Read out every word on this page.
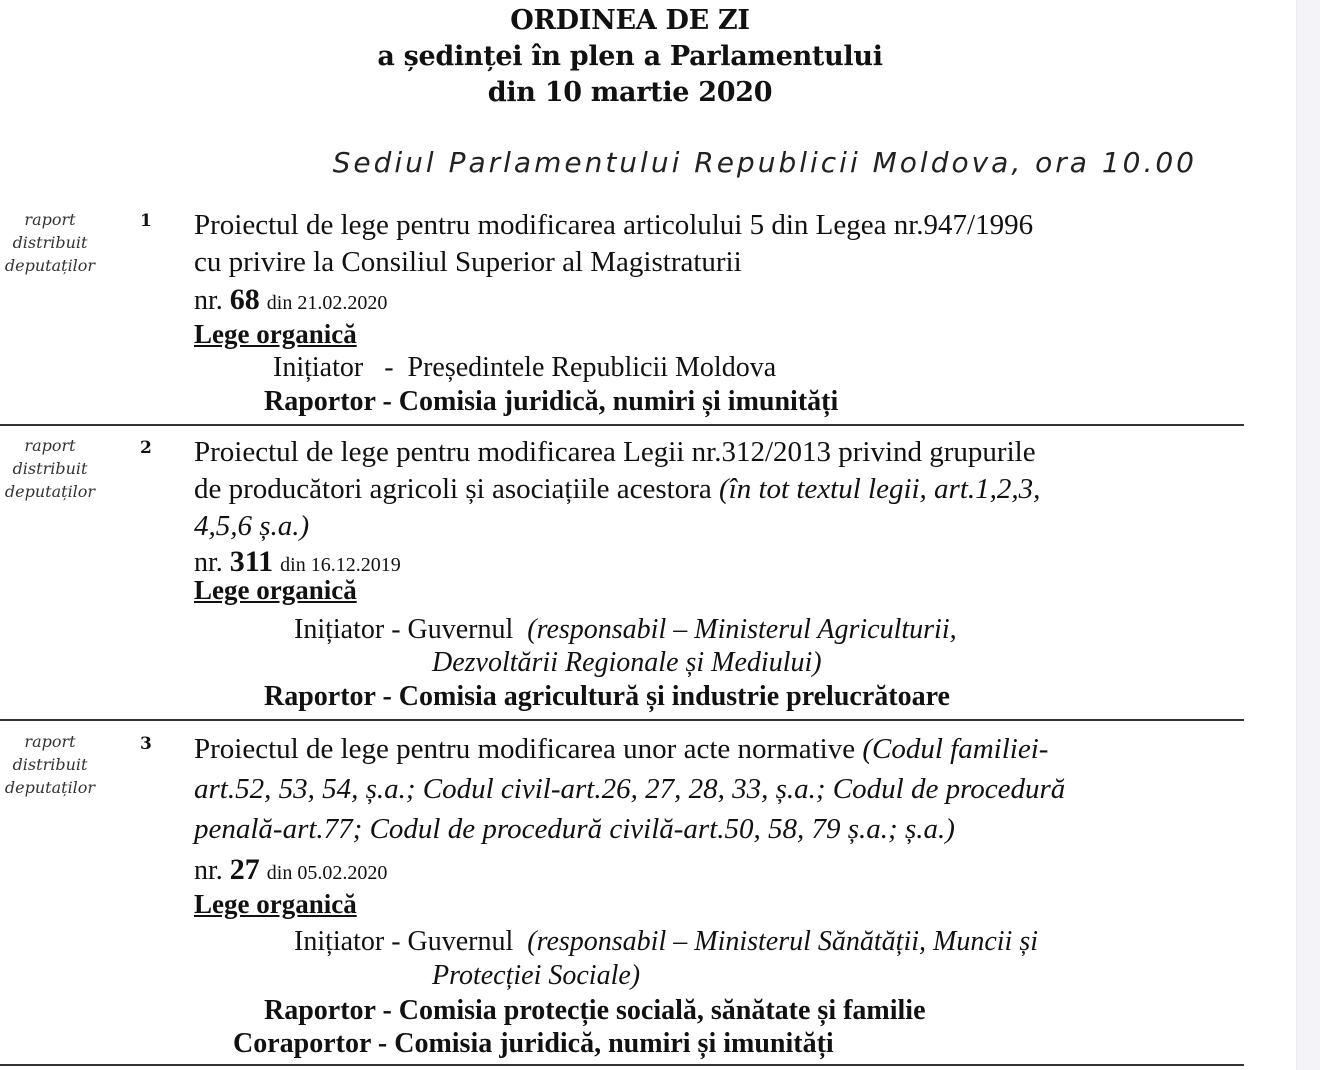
ORDINEA DE ZI
a ședinței în plen a Parlamentului
din 10 martie 2020
Sediul Parlamentului Republicii Moldova, ora 10.00
raport
distribuit
deputaților
1 Proiectul de lege pentru modificarea articolului 5 din Legea nr.947/1996
cu privire la Consiliul Superior al Magistraturii
nr. 68 din 21.02.2020
Lege organică
Inițiator - Președintele Republicii Moldova
Raportor - Comisia juridică, numiri și imunități
raport
distribuit
deputaților
2 Proiectul de lege pentru modificarea Legii nr.312/2013 privind grupurile
de producători agricoli și asociațiile acestora (în tot textul legii, art.1,2,3,
4,5,6 ș.a.)
nr. 311 din 16.12.2019
Lege organică
Inițiator - Guvernul  (responsabil – Ministerul Agriculturii,
Dezvoltării Regionale și Mediului)
Raportor - Comisia agricultură și industrie prelucrătoare
raport
distribuit
deputaților
3 Proiectul de lege pentru modificarea unor acte normative (Codul familiei-
art.52, 53, 54, ș.a.; Codul civil-art.26, 27, 28, 33, ș.a.; Codul de procedură
penală-art.77; Codul de procedură civilă-art.50, 58, 79 ș.a.; ș.a.)
nr. 27 din 05.02.2020
Lege organică
Inițiator - Guvernul  (responsabil – Ministerul Sănătății, Muncii și
Protecției Sociale)
Raportor - Comisia protecție socială, sănătate și familie
Coraportor - Comisia juridică, numiri și imunități
